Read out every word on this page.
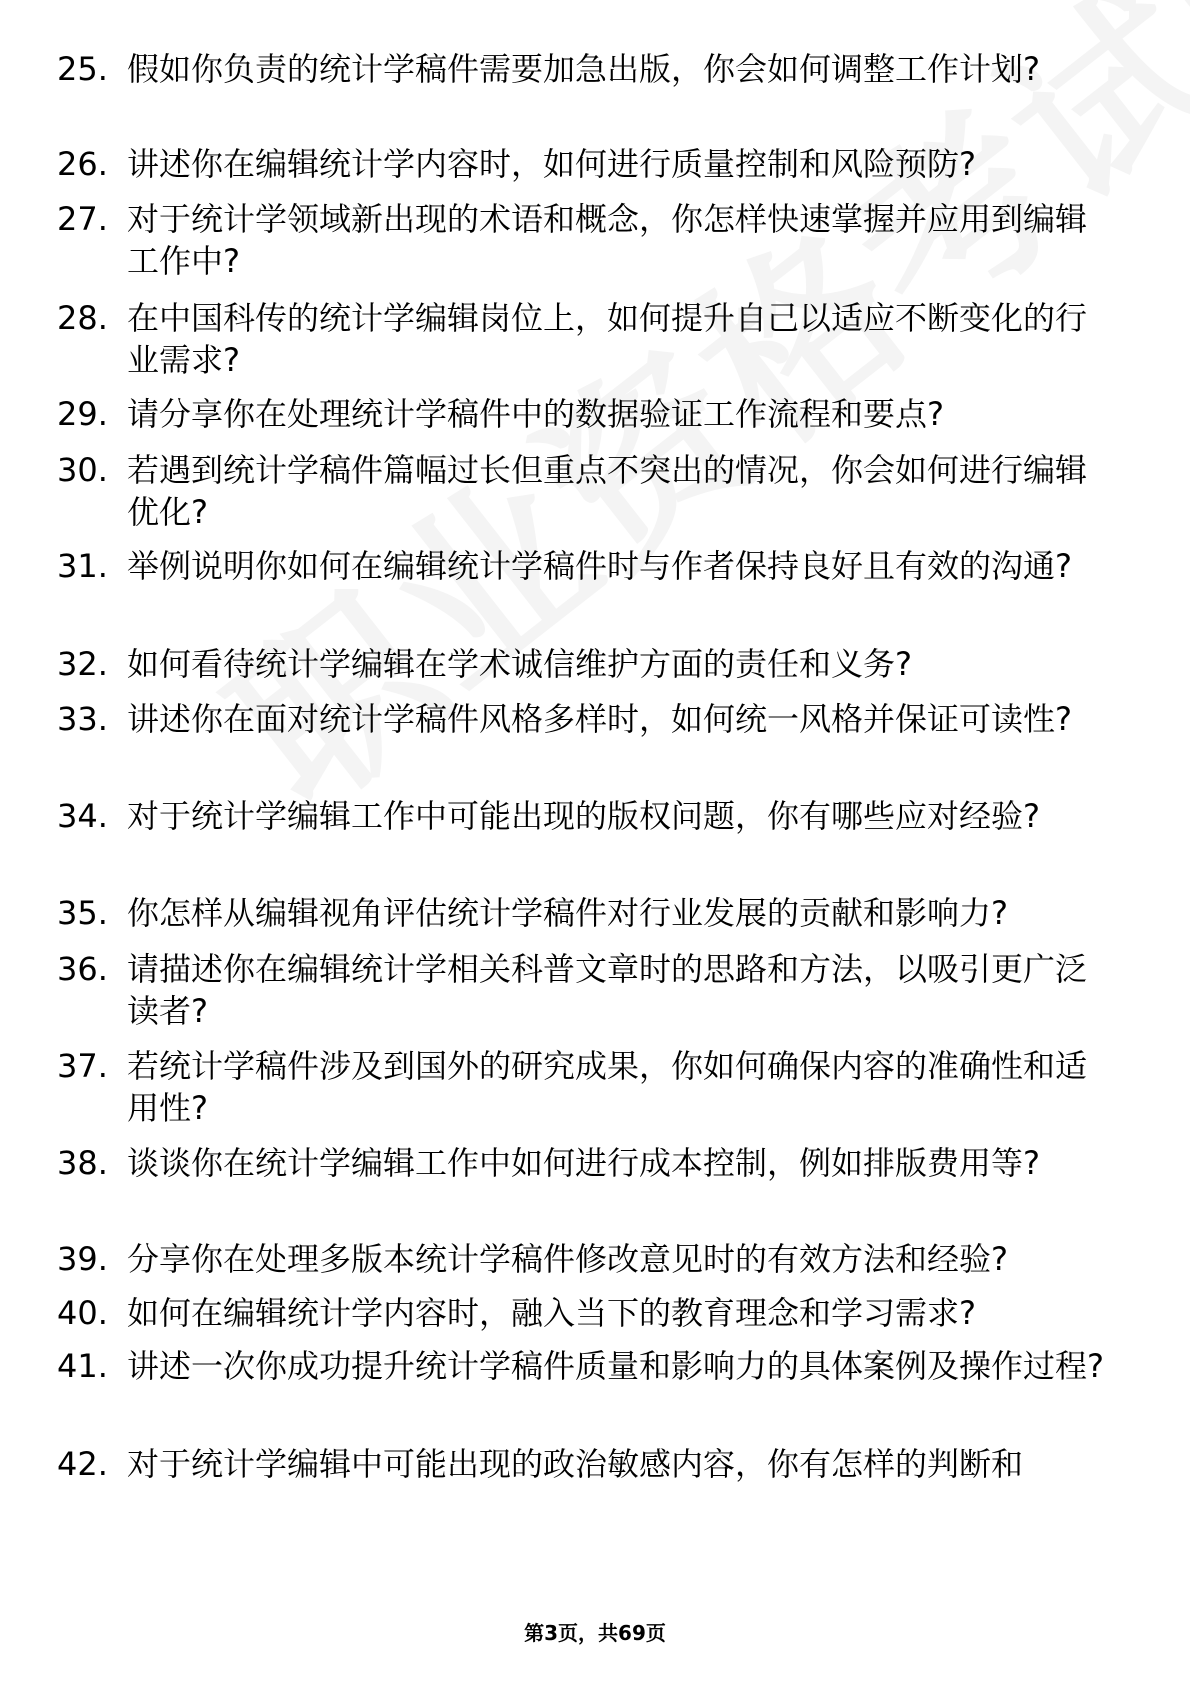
25. 假如你负责的统计学稿件需要加急出版，你会如何调整工作计划?
26. 讲述你在编辑统计学内容时，如何进行质量控制和风险预防?
27. 对于统计学领域新出现的术语和概念，你怎样快速掌握并应用到编辑工作中?
28. 在中国科传的统计学编辑岗位上，如何提升自己以适应不断变化的行业需求?
29. 请分享你在处理统计学稿件中的数据验证工作流程和要点?
30. 若遇到统计学稿件篇幅过长但重点不突出的情况，你会如何进行编辑优化?
31. 举例说明你如何在编辑统计学稿件时与作者保持良好且有效的沟通?
32. 如何看待统计学编辑在学术诚信维护方面的责任和义务?
33. 讲述你在面对统计学稿件风格多样时，如何统一风格并保证可读性?
34. 对于统计学编辑工作中可能出现的版权问题，你有哪些应对经验?
35. 你怎样从编辑视角评估统计学稿件对行业发展的贡献和影响力?
36. 请描述你在编辑统计学相关科普文章时的思路和方法，以吸引更广泛读者?
37. 若统计学稿件涉及到国外的研究成果，你如何确保内容的准确性和适用性?
38. 谈谈你在统计学编辑工作中如何进行成本控制，例如排版费用等?
39. 分享你在处理多版本统计学稿件修改意见时的有效方法和经验?
40. 如何在编辑统计学内容时，融入当下的教育理念和学习需求?
41. 讲述一次你成功提升统计学稿件质量和影响力的具体案例及操作过程?
42. 对于统计学编辑中可能出现的政治敏感内容，你有怎样的判断和
第3页，共69页
